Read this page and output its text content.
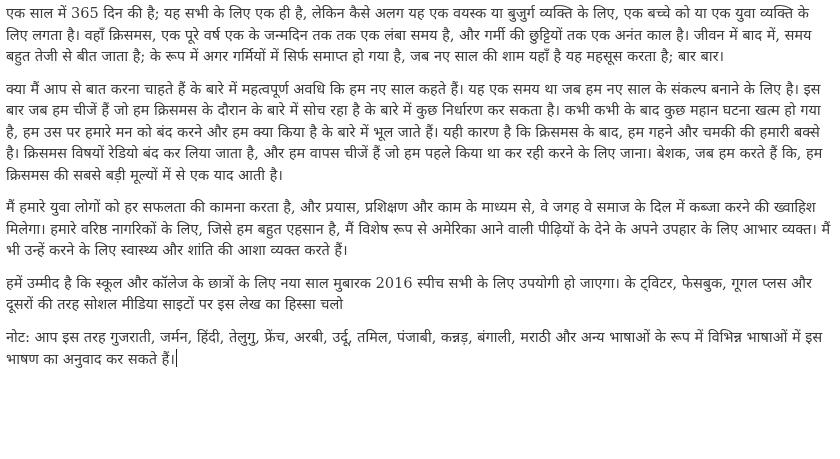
एक साल में 365 दिन की है; यह सभी के लिए एक ही है, लेकिन कैसे अलग यह एक वयस्क या बुजुर्ग व्यक्ति के लिए, एक बच्चे को या एक युवा व्यक्ति के लिए लगता है। वहाँ क्रिसमस, एक पूरे वर्ष एक के जन्मदिन तक तक एक लंबा समय है, और गर्मी की छुट्टियों तक एक अनंत काल है। जीवन में बाद में, समय बहुत तेजी से बीत जाता है; के रूप में अगर गर्मियों में सिर्फ समाप्त हो गया है, जब नए साल की शाम यहाँ है यह महसूस करता है; बार बार।

क्या मैं आप से बात करना चाहते हैं के बारे में महत्वपूर्ण अवधि कि हम नए साल कहते हैं। यह एक समय था जब हम नए साल के संकल्प बनाने के लिए है। इस बार जब हम चीजें हैं जो हम क्रिसमस के दौरान के बारे में सोच रहा है के बारे में कुछ निर्धारण कर सकता है। कभी कभी के बाद कुछ महान घटना खत्म हो गया है, हम उस पर हमारे मन को बंद करने और हम क्या किया है के बारे में भूल जाते हैं। यही कारण है कि क्रिसमस के बाद, हम गहने और चमकी की हमारी बक्से है। क्रिसमस विषयों रेडियो बंद कर लिया जाता है, और हम वापस चीजें हैं जो हम पहले किया था कर रही करने के लिए जाना। बेशक, जब हम करते हैं कि, हम क्रिसमस की सबसे बड़ी मूल्यों में से एक याद आती है।

मैं हमारे युवा लोगों को हर सफलता की कामना करता है, और प्रयास, प्रशिक्षण और काम के माध्यम से, वे जगह वे समाज के दिल में कब्जा करने की ख्वाहिश मिलेगा। हमारे वरिष्ठ नागरिकों के लिए, जिसे हम बहुत एहसान है, मैं विशेष रूप से अमेरिका आने वाली पीढ़ियों के देने के अपने उपहार के लिए आभार व्यक्त। मैं भी उन्हें करने के लिए स्वास्थ्य और शांति की आशा व्यक्त करते हैं।

हमें उम्मीद है कि स्कूल और कॉलेज के छात्रों के लिए नया साल मुबारक 2016 स्पीच सभी के लिए उपयोगी हो जाएगा। के ट्विटर, फेसबुक, गूगल प्लस और दूसरों की तरह सोशल मीडिया साइटों पर इस लेख का हिस्सा चलो

नोट: आप इस तरह गुजराती, जर्मन, हिंदी, तेलुगु, फ्रेंच, अरबी, उर्दू, तमिल, पंजाबी, कन्नड़, बंगाली, मराठी और अन्य भाषाओं के रूप में विभिन्न भाषाओं में इस भाषण का अनुवाद कर सकते हैं।
